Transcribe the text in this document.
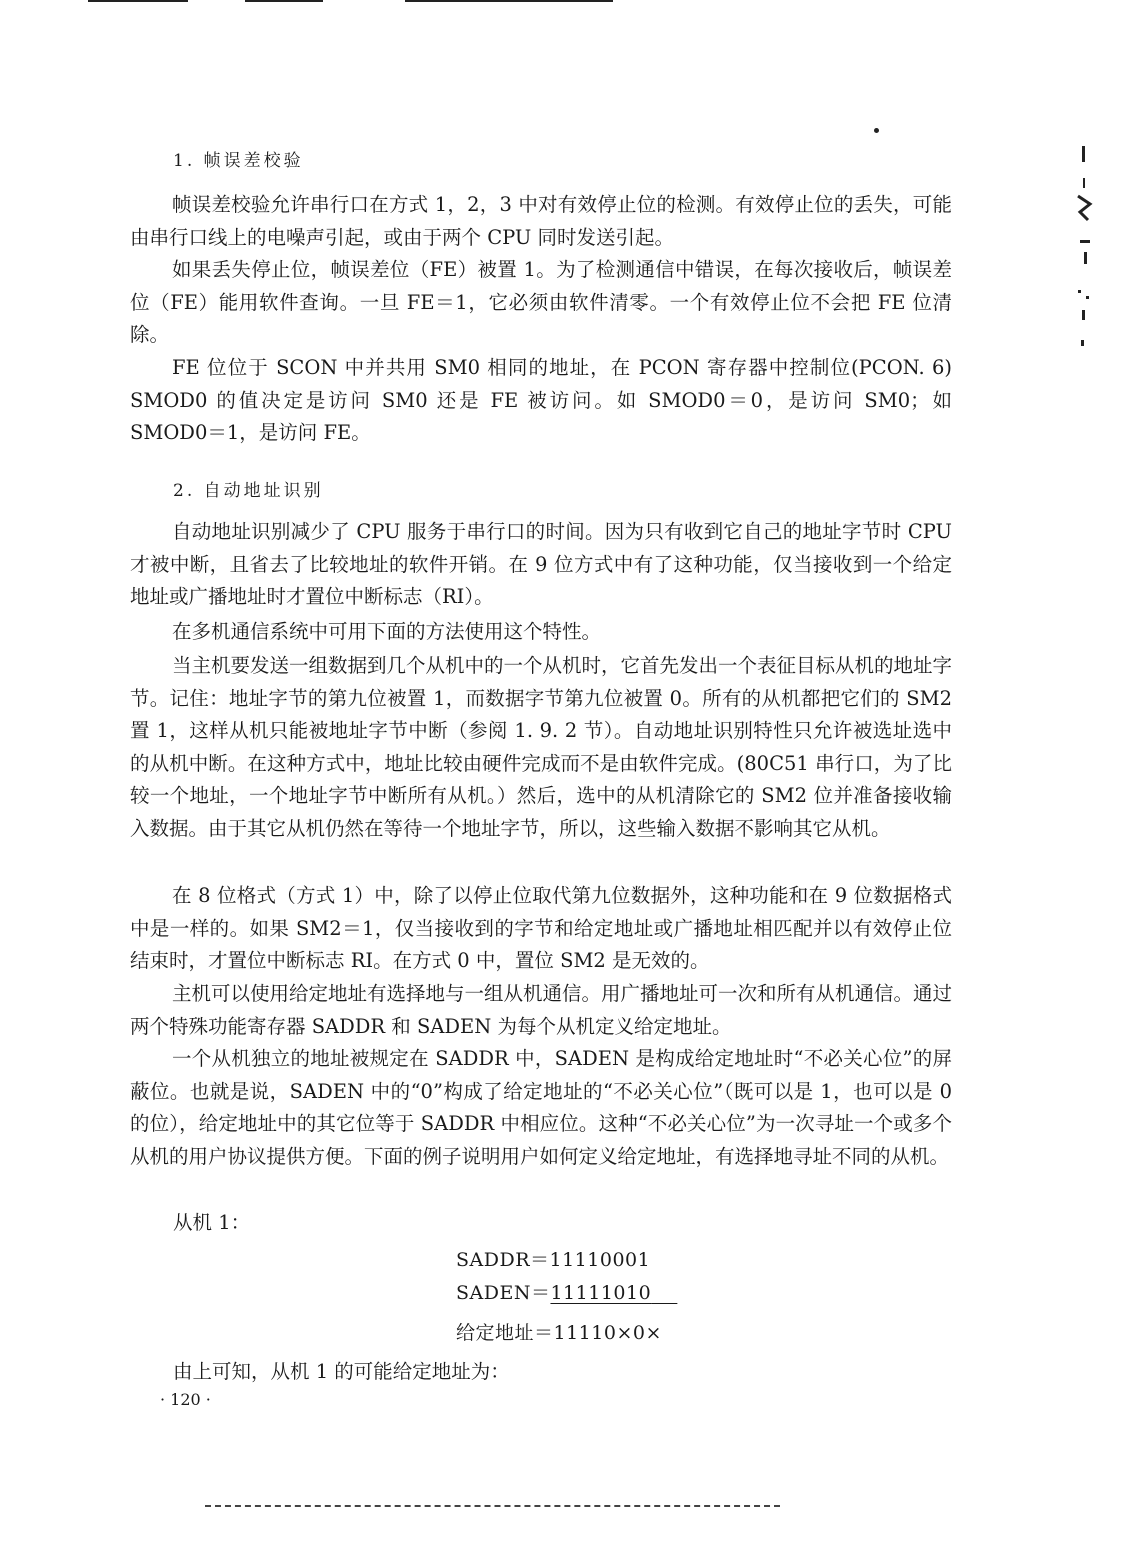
1. 帧误差校验

帧误差校验允许串行口在方式 1，2，3 中对有效停止位的检测。有效停止位的丢失，可能由串行口线上的电噪声引起，或由于两个 CPU 同时发送引起。

如果丢失停止位，帧误差位（FE）被置 1。为了检测通信中错误，在每次接收后，帧误差位（FE）能用软件查询。一旦 FE＝1，它必须由软件清零。一个有效停止位不会把 FE 位清除。

FE 位位于 SCON 中并共用 SM0 相同的地址，在 PCON 寄存器中控制位(PCON. 6) SMOD0 的值决定是访问 SM0 还是 FE 被访问。如 SMOD0＝0，是访问 SM0；如 SMOD0＝1，是访问 FE。

2. 自动地址识别

自动地址识别减少了 CPU 服务于串行口的时间。因为只有收到它自己的地址字节时 CPU 才被中断，且省去了比较地址的软件开销。在 9 位方式中有了这种功能，仅当接收到一个给定地址或广播地址时才置位中断标志（RI）。

在多机通信系统中可用下面的方法使用这个特性。

当主机要发送一组数据到几个从机中的一个从机时，它首先发出一个表征目标从机的地址字节。记住：地址字节的第九位被置 1，而数据字节第九位被置 0。所有的从机都把它们的 SM2 置 1，这样从机只能被地址字节中断（参阅 1. 9. 2 节）。自动地址识别特性只允许被选址选中的从机中断。在这种方式中，地址比较由硬件完成而不是由软件完成。(80C51 串行口，为了比较一个地址，一个地址字节中断所有从机。）然后，选中的从机清除它的 SM2 位并准备接收输入数据。由于其它从机仍然在等待一个地址字节，所以，这些输入数据不影响其它从机。

在 8 位格式（方式 1）中，除了以停止位取代第九位数据外，这种功能和在 9 位数据格式中是一样的。如果 SM2＝1，仅当接收到的字节和给定地址或广播地址相匹配并以有效停止位结束时，才置位中断标志 RI。在方式 0 中，置位 SM2 是无效的。

主机可以使用给定地址有选择地与一组从机通信。用广播地址可一次和所有从机通信。通过两个特殊功能寄存器 SADDR 和 SADEN 为每个从机定义给定地址。

一个从机独立的地址被规定在 SADDR 中，SADEN 是构成给定地址时“不必关心位”的屏蔽位。也就是说，SADEN 中的“0”构成了给定地址的“不必关心位”（既可以是 1，也可以是 0 的位），给定地址中的其它位等于 SADDR 中相应位。这种“不必关心位”为一次寻址一个或多个从机的用户协议提供方便。下面的例子说明用户如何定义给定地址，有选择地寻址不同的从机。

从机 1：
SADDR＝11110001
SADEN＝11111010
给定地址＝11110×0×
由上可知，从机 1 的可能给定地址为：
· 120 ·
